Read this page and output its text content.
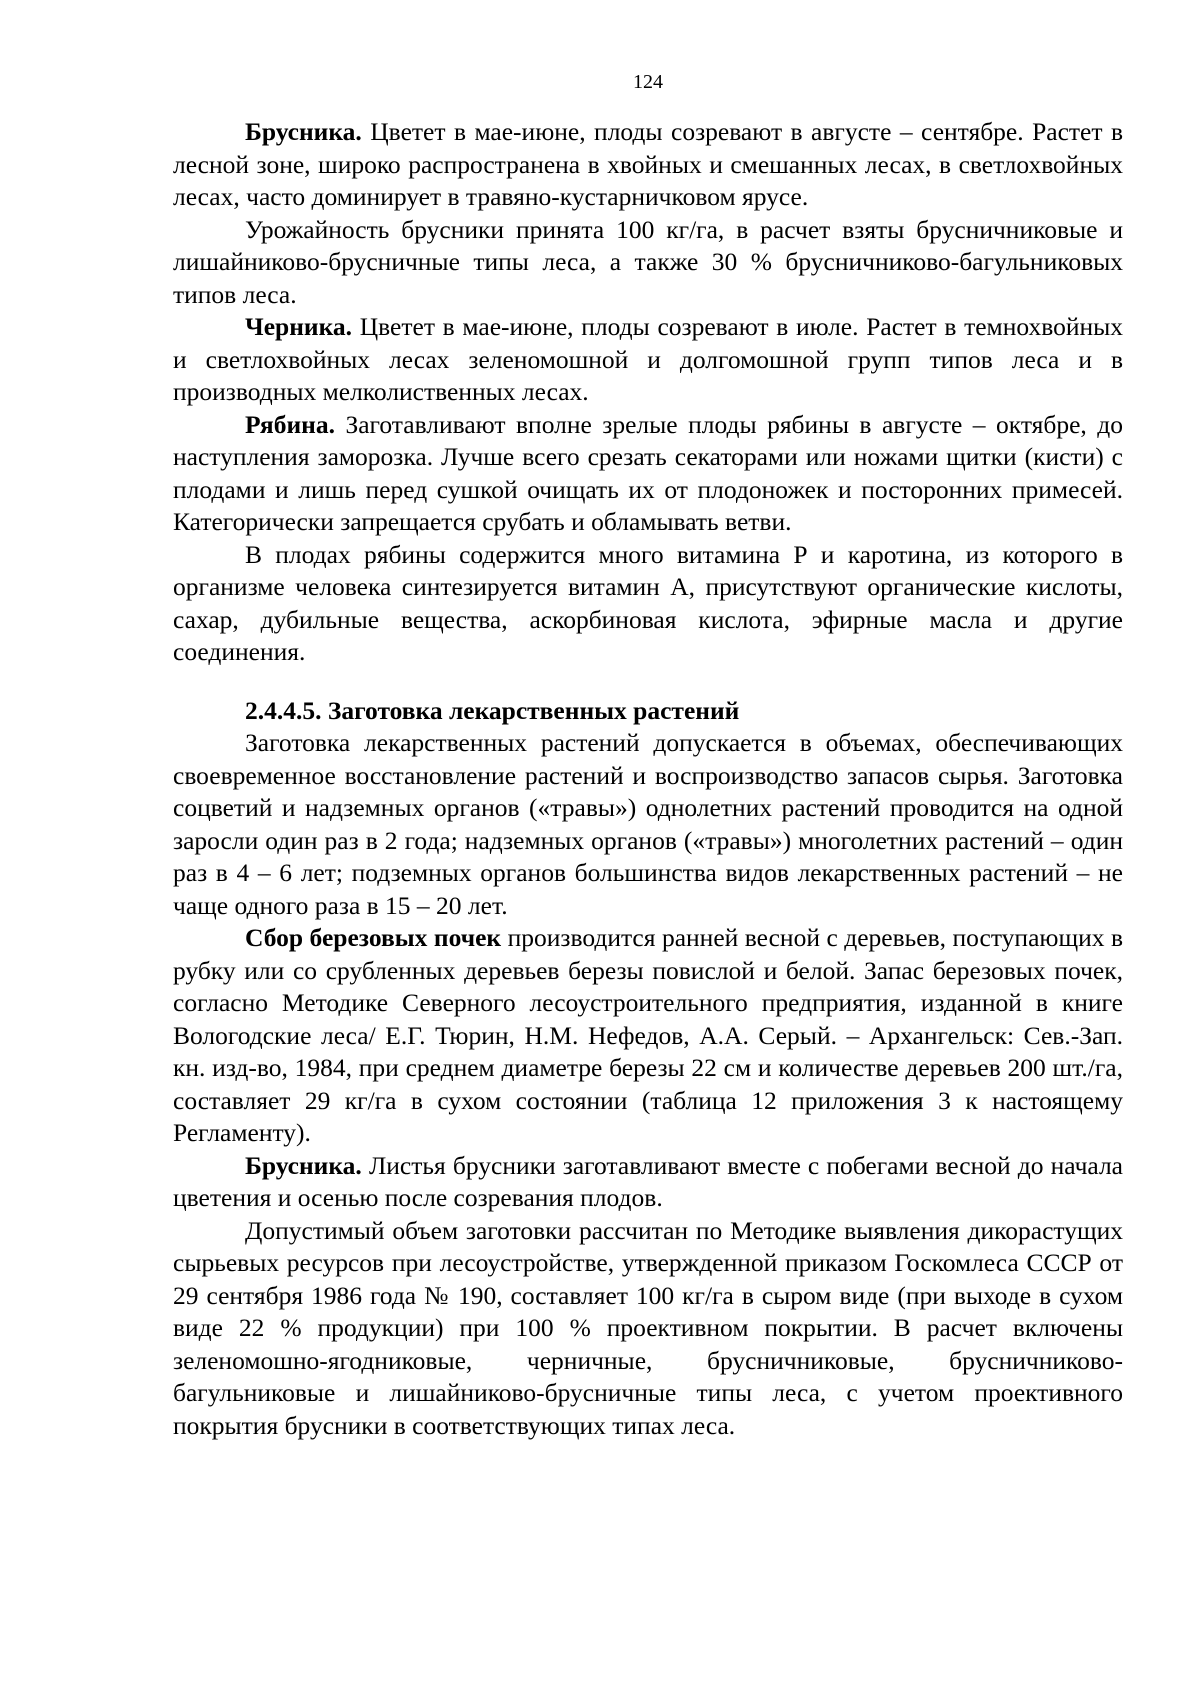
124

Брусника. Цветет в мае-июне, плоды созревают в августе – сентябре. Растет в лесной зоне, широко распространена в хвойных и смешанных лесах, в светлохвойных лесах, часто доминирует в травяно-кустарничковом ярусе.

Урожайность брусники принята 100 кг/га, в расчет взяты брусничниковые и лишайниково-брусничные типы леса, а также 30 % брусничниково-багульниковых типов леса.

Черника. Цветет в мае-июне, плоды созревают в июле. Растет в темнохвойных и светлохвойных лесах зеленомошной и долгомошной групп типов леса и в производных мелколиственных лесах.

Рябина. Заготавливают вполне зрелые плоды рябины в августе – октябре, до наступления заморозка. Лучше всего срезать секаторами или ножами щитки (кисти) с плодами и лишь перед сушкой очищать их от плодоножек и посторонних примесей. Категорически запрещается срубать и обламывать ветви.

В плодах рябины содержится много витамина Р и каротина, из которого в организме человека синтезируется витамин А, присутствуют органические кислоты, сахар, дубильные вещества, аскорбиновая кислота, эфирные масла и другие соединения.

2.4.4.5. Заготовка лекарственных растений

Заготовка лекарственных растений допускается в объемах, обеспечивающих своевременное восстановление растений и воспроизводство запасов сырья. Заготовка соцветий и надземных органов («травы») однолетних растений проводится на одной заросли один раз в 2 года; надземных органов («травы») многолетних растений – один раз в 4 – 6 лет; подземных органов большинства видов лекарственных растений – не чаще одного раза в 15 – 20 лет.

Сбор березовых почек производится ранней весной с деревьев, поступающих в рубку или со срубленных деревьев березы повислой и белой. Запас березовых почек, согласно Методике Северного лесоустроительного предприятия, изданной в книге Вологодские леса/ Е.Г. Тюрин, Н.М. Нефедов, А.А. Серый. – Архангельск: Сев.-Зап. кн. изд-во, 1984, при среднем диаметре березы 22 см и количестве деревьев 200 шт./га, составляет 29 кг/га в сухом состоянии (таблица 12 приложения 3 к настоящему Регламенту).

Брусника. Листья брусники заготавливают вместе с побегами весной до начала цветения и осенью после созревания плодов.

Допустимый объем заготовки рассчитан по Методике выявления дикорастущих сырьевых ресурсов при лесоустройстве, утвержденной приказом Госкомлеса СССР от 29 сентября 1986 года № 190, составляет 100 кг/га в сыром виде (при выходе в сухом виде 22 % продукции) при 100 % проективном покрытии. В расчет включены зеленомошно-ягодниковые, черничные, брусничниковые, брусничниково-багульниковые и лишайниково-брусничные типы леса, с учетом проективного покрытия брусники в соответствующих типах леса.
